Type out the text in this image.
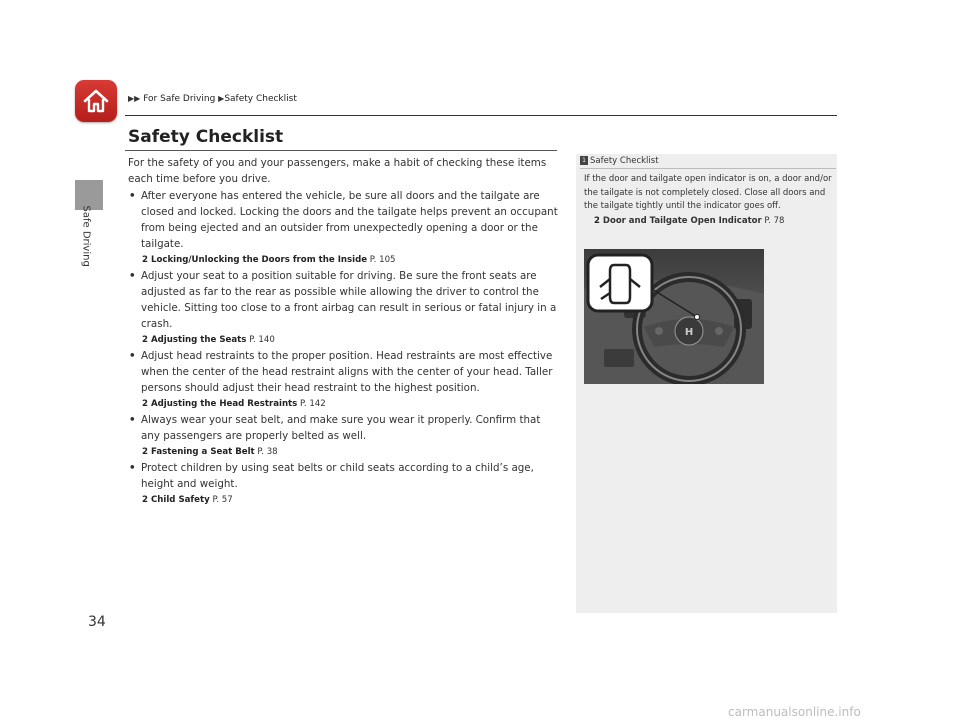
Safe Driving
▶▶ For Safe Driving ▶Safety Checklist
Safety Checklist

For the safety of you and your passengers, make a habit of checking these items each time before you drive.

• After everyone has entered the vehicle, be sure all doors and the tailgate are closed and locked. Locking the doors and the tailgate helps prevent an occupant from being ejected and an outsider from unexpectedly opening a door or the tailgate.
2 Locking/Unlocking the Doors from the Inside P. 105
• Adjust your seat to a position suitable for driving. Be sure the front seats are adjusted as far to the rear as possible while allowing the driver to control the vehicle. Sitting too close to a front airbag can result in serious or fatal injury in a crash.
2 Adjusting the Seats P. 140
• Adjust head restraints to the proper position. Head restraints are most effective when the center of the head restraint aligns with the center of your head. Taller persons should adjust their head restraint to the highest position.
2 Adjusting the Head Restraints P. 142
• Always wear your seat belt, and make sure you wear it properly. Confirm that any passengers are properly belted as well.
2 Fastening a Seat Belt P. 38
• Protect children by using seat belts or child seats according to a child’s age, height and weight.
2 Child Safety P. 57
1 Safety Checklist
If the door and tailgate open indicator is on, a door and/or the tailgate is not completely closed. Close all doors and the tailgate tightly until the indicator goes off.
2 Door and Tailgate Open Indicator P. 78
H
34
carmanualsonline.info
